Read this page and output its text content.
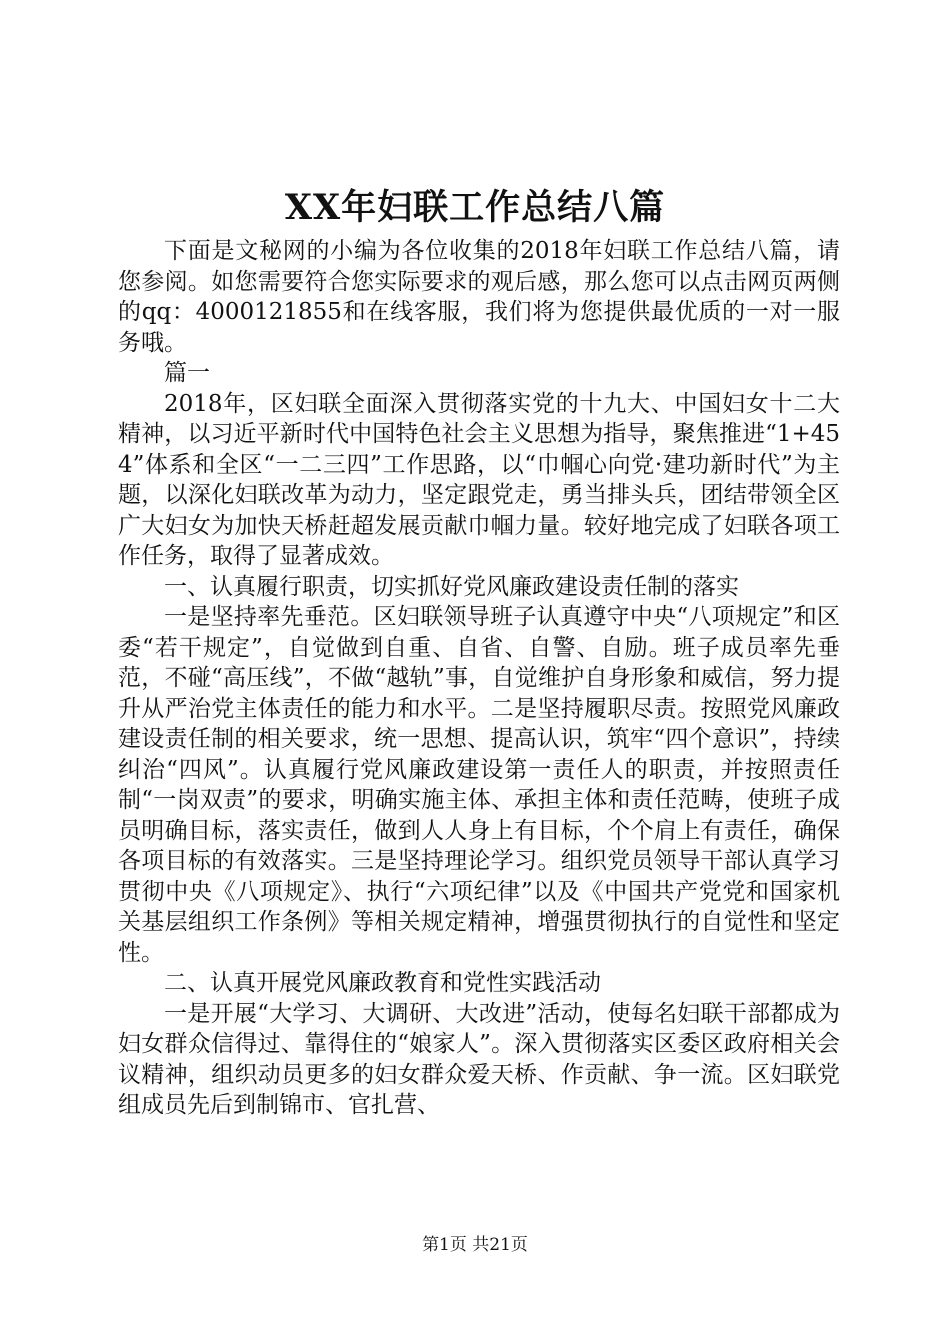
XX年妇联工作总结八篇

下面是文秘网的小编为各位收集的2018年妇联工作总结八篇，请您参阅。如您需要符合您实际要求的观后感，那么您可以点击网页两侧的qq：4000121855和在线客服，我们将为您提供最优质的一对一服务哦。

篇一

2018年，区妇联全面深入贯彻落实党的十九大、中国妇女十二大精神，以习近平新时代中国特色社会主义思想为指导，聚焦推进“1+454”体系和全区“一二三四”工作思路，以“巾帼心向党·建功新时代”为主题，以深化妇联改革为动力，坚定跟党走，勇当排头兵，团结带领全区广大妇女为加快天桥赶超发展贡献巾帼力量。较好地完成了妇联各项工作任务，取得了显著成效。

一、认真履行职责，切实抓好党风廉政建设责任制的落实

一是坚持率先垂范。区妇联领导班子认真遵守中央“八项规定”和区委“若干规定”，自觉做到自重、自省、自警、自励。班子成员率先垂范，不碰“高压线”，不做“越轨”事，自觉维护自身形象和威信，努力提升从严治党主体责任的能力和水平。二是坚持履职尽责。按照党风廉政建设责任制的相关要求，统一思想、提高认识，筑牢“四个意识”，持续纠治“四风”。认真履行党风廉政建设第一责任人的职责，并按照责任制“一岗双责”的要求，明确实施主体、承担主体和责任范畴，使班子成员明确目标，落实责任，做到人人身上有目标，个个肩上有责任，确保各项目标的有效落实。三是坚持理论学习。组织党员领导干部认真学习贯彻中央《八项规定》、执行“六项纪律”以及《中国共产党党和国家机关基层组织工作条例》等相关规定精神，增强贯彻执行的自觉性和坚定性。

二、认真开展党风廉政教育和党性实践活动

一是开展“大学习、大调研、大改进”活动，使每名妇联干部都成为妇女群众信得过、靠得住的“娘家人”。深入贯彻落实区委区政府相关会议精神，组织动员更多的妇女群众爱天桥、作贡献、争一流。区妇联党组成员先后到制锦市、官扎营、

第1页 共21页
